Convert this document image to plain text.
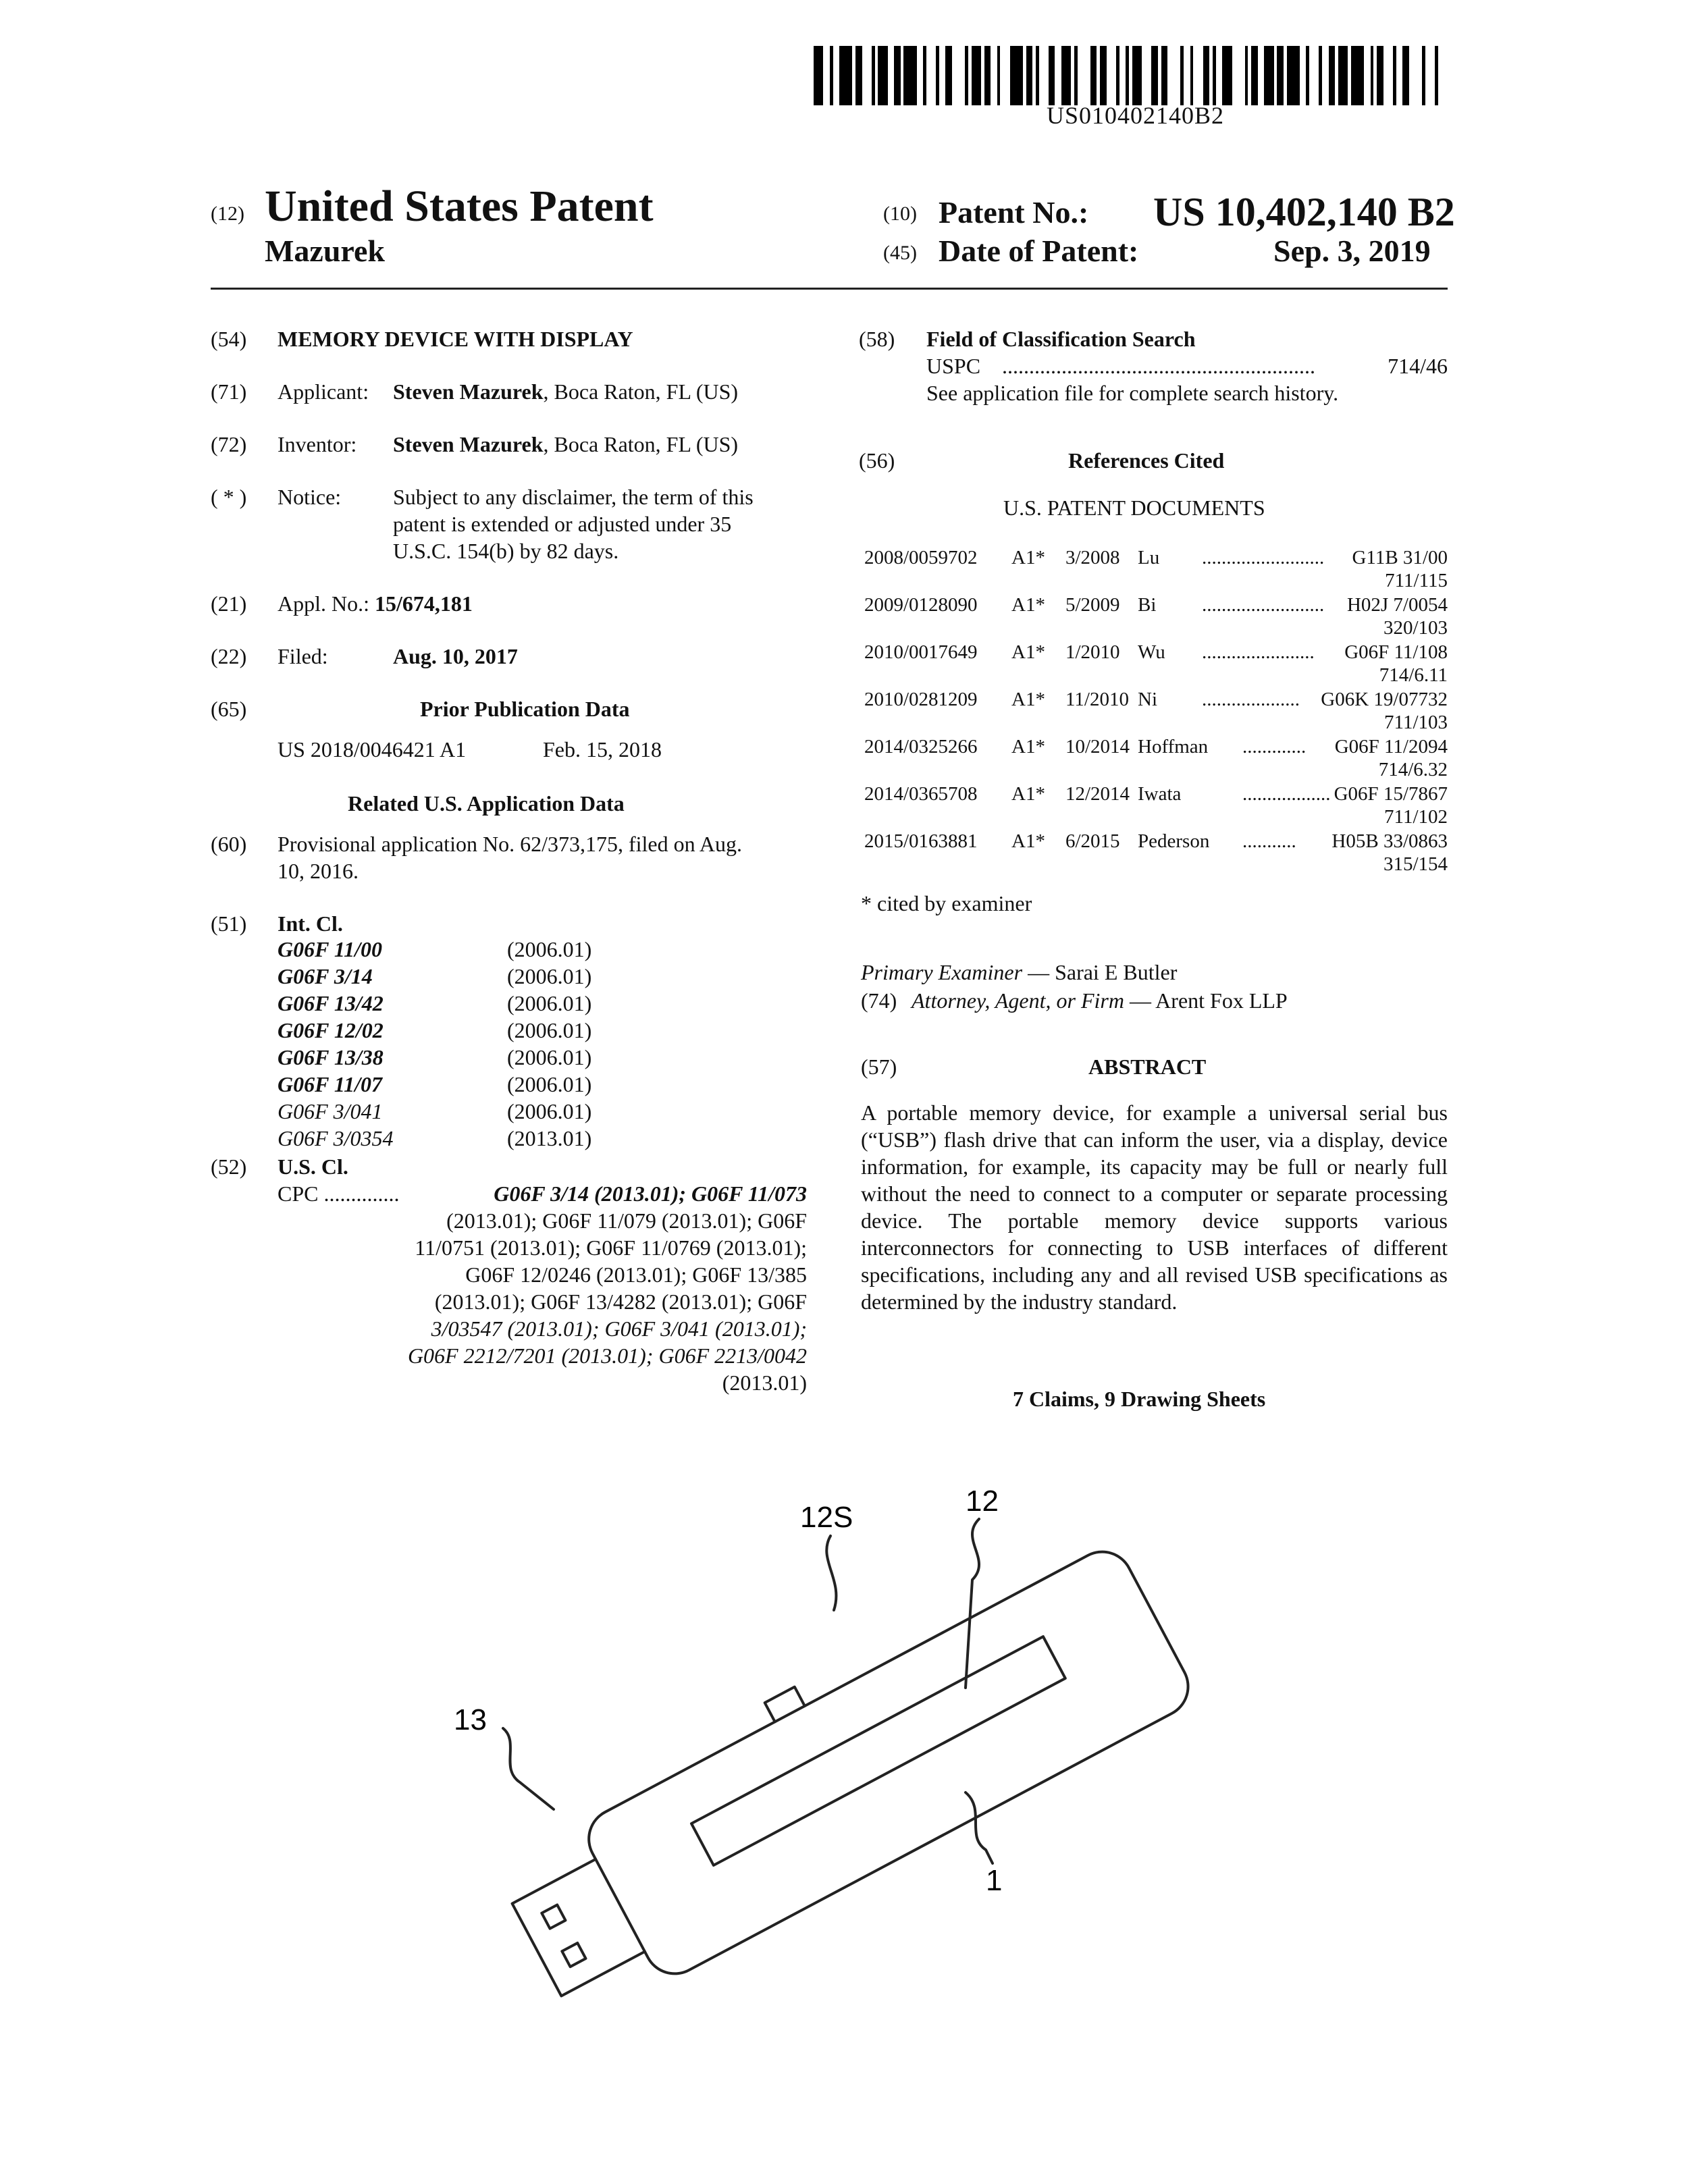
US010402140B2
(12) United States Patent
Mazurek
(10) Patent No.: US 10,402,140 B2
(45) Date of Patent:	Sep. 3, 2019
(54) MEMORY DEVICE WITH DISPLAY
(71) Applicant: Steven Mazurek, Boca Raton, FL (US)
(72) Inventor: Steven Mazurek, Boca Raton, FL (US)
( * ) Notice: Subject to any disclaimer, the term of this
patent is extended or adjusted under 35
U.S.C. 154(b) by 82 days.
(21) Appl. No.: 15/674,181
(22) Filed:	Aug. 10, 2017
(65)	Prior Publication Data
US 2018/0046421 A1	Feb. 15, 2018
Related U.S. Application Data
(60) Provisional application No. 62/373,175, filed on Aug.
10, 2016.
(51) Int. Cl.
G06F 11/00	(2006.01)
G06F 3/14	(2006.01)
G06F 13/42	(2006.01)
G06F 12/02	(2006.01)
G06F 13/38	(2006.01)
G06F 11/07	(2006.01)
G06F 3/041	(2006.01)
G06F 3/0354	(2013.01)
(52) U.S. Cl.
CPC ..............	G06F 3/14 (2013.01); G06F 11/073
(2013.01); G06F 11/079 (2013.01); G06F
11/0751 (2013.01); G06F 11/0769 (2013.01);
G06F 12/0246 (2013.01); G06F 13/385
(2013.01); G06F 13/4282 (2013.01); G06F
3/03547 (2013.01); G06F 3/041 (2013.01);
G06F 2212/7201 (2013.01); G06F 2213/0042
(2013.01)
(58) Field of Classification Search
USPC ..........................................................	714/46
See application file for complete search history.
(56)	References Cited
U.S. PATENT DOCUMENTS
2008/0059702 A1* 3/2008 Lu ......................... G11B 31/00
711/115
2009/0128090 A1* 5/2009 Bi ......................... H02J 7/0054
320/103
2010/0017649 A1* 1/2010 Wu ....................... G06F 11/108
714/6.11
2010/0281209 A1* 11/2010 Ni .................... G06K 19/07732
711/103
2014/0325266 A1* 10/2014 Hoffman ............. G06F 11/2094
714/6.32
2014/0365708 A1* 12/2014 Iwata	.................. G06F 15/7867
711/102
2015/0163881 A1* 6/2015 Pederson ........... H05B 33/0863
315/154
* cited by examiner
Primary Examiner — Sarai E Butler
(74) Attorney, Agent, or Firm — Arent Fox LLP
(57)	ABSTRACT
A portable memory device, for example a universal serial bus (“USB”) flash drive that can inform the user, via a display, device information, for example, its capacity may be full or nearly full without the need to connect to a computer or separate processing device. The portable memory device supports various interconnectors for connecting to USB interfaces of different specifications, including any and all revised USB specifications as determined by the industry standard.
7 Claims, 9 Drawing Sheets
12S	12
13
1
